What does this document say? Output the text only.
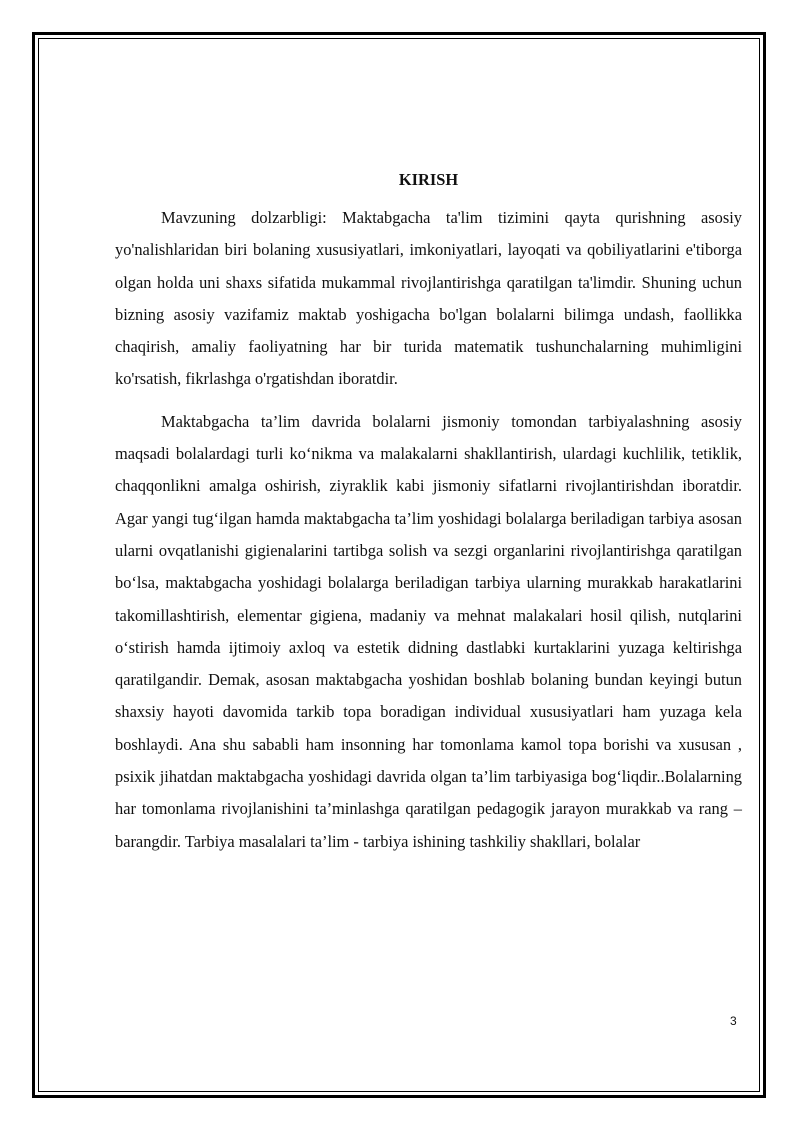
KIRISH

Mavzuning dolzarbligi: Maktabgacha ta'lim tizimini qayta qurishning asosiy yo'nalishlaridan biri bolaning xususiyatlari, imkoniyatlari, layoqati va qobiliyatlarini e'tiborga olgan holda uni shaxs sifatida mukammal rivojlantirishga qaratilgan ta'limdir. Shuning uchun bizning asosiy vazifamiz maktab yoshigacha bo'lgan bolalarni bilimga undash, faollikka chaqirish, amaliy faoliyatning har bir turida matematik tushunchalarning muhimligini ko'rsatish, fikrlashga o'rgatishdan iboratdir.

Maktabgacha ta’lim davrida bolalarni jismoniy tomondan tarbiyalashning asosiy maqsadi bolalardagi turli ko‘nikma va malakalarni shakllantirish, ulardagi kuchlilik, tetiklik, chaqqonlikni amalga oshirish, ziyraklik kabi jismoniy sifatlarni rivojlantirishdan iboratdir. Agar yangi tug‘ilgan hamda maktabgacha ta’lim yoshidagi bolalarga beriladigan tarbiya asosan ularni ovqatlanishi gigienalarini tartibga solish va sezgi organlarini rivojlantirishga qaratilgan bo‘lsa, maktabgacha yoshidagi bolalarga beriladigan tarbiya ularning murakkab harakatlarini takomillashtirish, elementar gigiena, madaniy va mehnat malakalari hosil qilish, nutqlarini o‘stirish hamda ijtimoiy axloq va estetik didning dastlabki kurtaklarini yuzaga keltirishga qaratilgandir. Demak, asosan maktabgacha yoshidan boshlab bolaning bundan keyingi butun shaxsiy hayoti davomida tarkib topa boradigan individual xususiyatlari ham yuzaga kela boshlaydi. Ana shu sababli ham insonning har tomonlama kamol topa borishi va xususan , psixik jihatdan maktabgacha yoshidagi davrida olgan ta’lim tarbiyasiga bog‘liqdir..Bolalarning har tomonlama rivojlanishini ta’minlashga qaratilgan pedagogik jarayon murakkab va rang – barangdir. Tarbiya masalalari ta’lim - tarbiya ishining tashkiliy shakllari, bolalar

3
